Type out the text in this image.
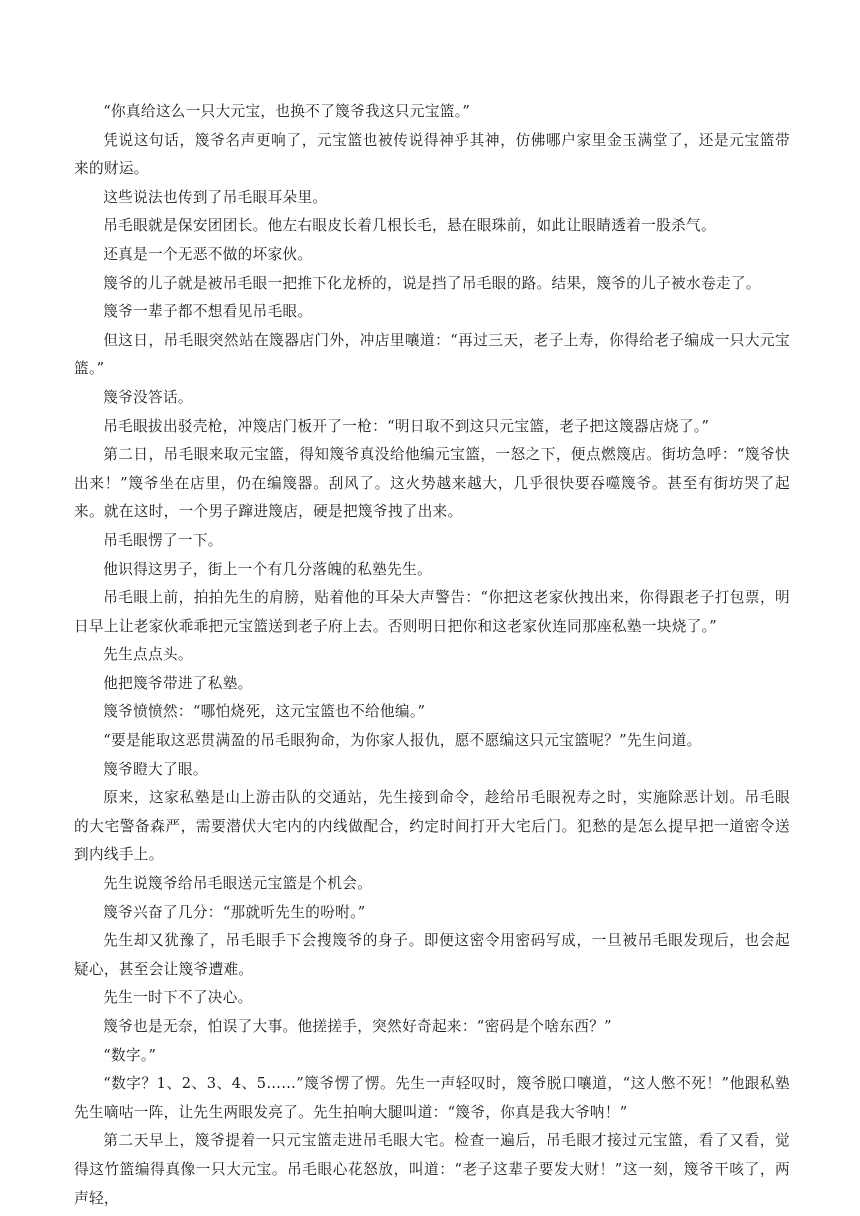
“你真给这么一只大元宝，也换不了篾爷我这只元宝篮。”

凭说这句话，篾爷名声更响了，元宝篮也被传说得神乎其神，仿佛哪户家里金玉满堂了，还是元宝篮带来的财运。

这些说法也传到了吊毛眼耳朵里。

吊毛眼就是保安团团长。他左右眼皮长着几根长毛，悬在眼珠前，如此让眼睛透着一股杀气。

还真是一个无恶不做的坏家伙。

篾爷的儿子就是被吊毛眼一把推下化龙桥的，说是挡了吊毛眼的路。结果，篾爷的儿子被水卷走了。

篾爷一辈子都不想看见吊毛眼。

但这日，吊毛眼突然站在篾器店门外，冲店里嚷道：“再过三天，老子上寿，你得给老子编成一只大元宝篮。”

篾爷没答话。

吊毛眼拔出驳壳枪，冲篾店门板开了一枪：“明日取不到这只元宝篮，老子把这篾器店烧了。”

第二日，吊毛眼来取元宝篮，得知篾爷真没给他编元宝篮，一怒之下，便点燃篾店。街坊急呼：“篾爷快出来！”篾爷坐在店里，仍在编篾器。刮风了。这火势越来越大，几乎很快要吞噬篾爷。甚至有街坊哭了起来。就在这时，一个男子蹿进篾店，硬是把篾爷拽了出来。

吊毛眼愣了一下。

他识得这男子，街上一个有几分落魄的私塾先生。

吊毛眼上前，拍拍先生的肩膀，贴着他的耳朵大声警告：“你把这老家伙拽出来，你得跟老子打包票，明日早上让老家伙乖乖把元宝篮送到老子府上去。否则明日把你和这老家伙连同那座私塾一块烧了。”

先生点点头。

他把篾爷带进了私塾。

篾爷愤愤然：“哪怕烧死，这元宝篮也不给他编。”

“要是能取这恶贯满盈的吊毛眼狗命，为你家人报仇，愿不愿编这只元宝篮呢？”先生问道。

篾爷瞪大了眼。

原来，这家私塾是山上游击队的交通站，先生接到命令，趁给吊毛眼祝寿之时，实施除恶计划。吊毛眼的大宅警备森严，需要潜伏大宅内的内线做配合，约定时间打开大宅后门。犯愁的是怎么提早把一道密令送到内线手上。

先生说篾爷给吊毛眼送元宝篮是个机会。

篾爷兴奋了几分：“那就听先生的吩咐。”

先生却又犹豫了，吊毛眼手下会搜篾爷的身子。即便这密令用密码写成，一旦被吊毛眼发现后，也会起疑心，甚至会让篾爷遭难。

先生一时下不了决心。

篾爷也是无奈，怕误了大事。他搓搓手，突然好奇起来：“密码是个啥东西？”

“数字。”

“数字？1、2、3、4、5……”篾爷愣了愣。先生一声轻叹时，篾爷脱口嚷道，“这人憋不死！”他跟私塾先生嘀咕一阵，让先生两眼发亮了。先生拍响大腿叫道：“篾爷，你真是我大爷呐！”

第二天早上，篾爷提着一只元宝篮走进吊毛眼大宅。检查一遍后，吊毛眼才接过元宝篮，看了又看，觉得这竹篮编得真像一只大元宝。吊毛眼心花怒放，叫道：“老子这辈子要发大财！”这一刻，篾爷干咳了，两声轻，
